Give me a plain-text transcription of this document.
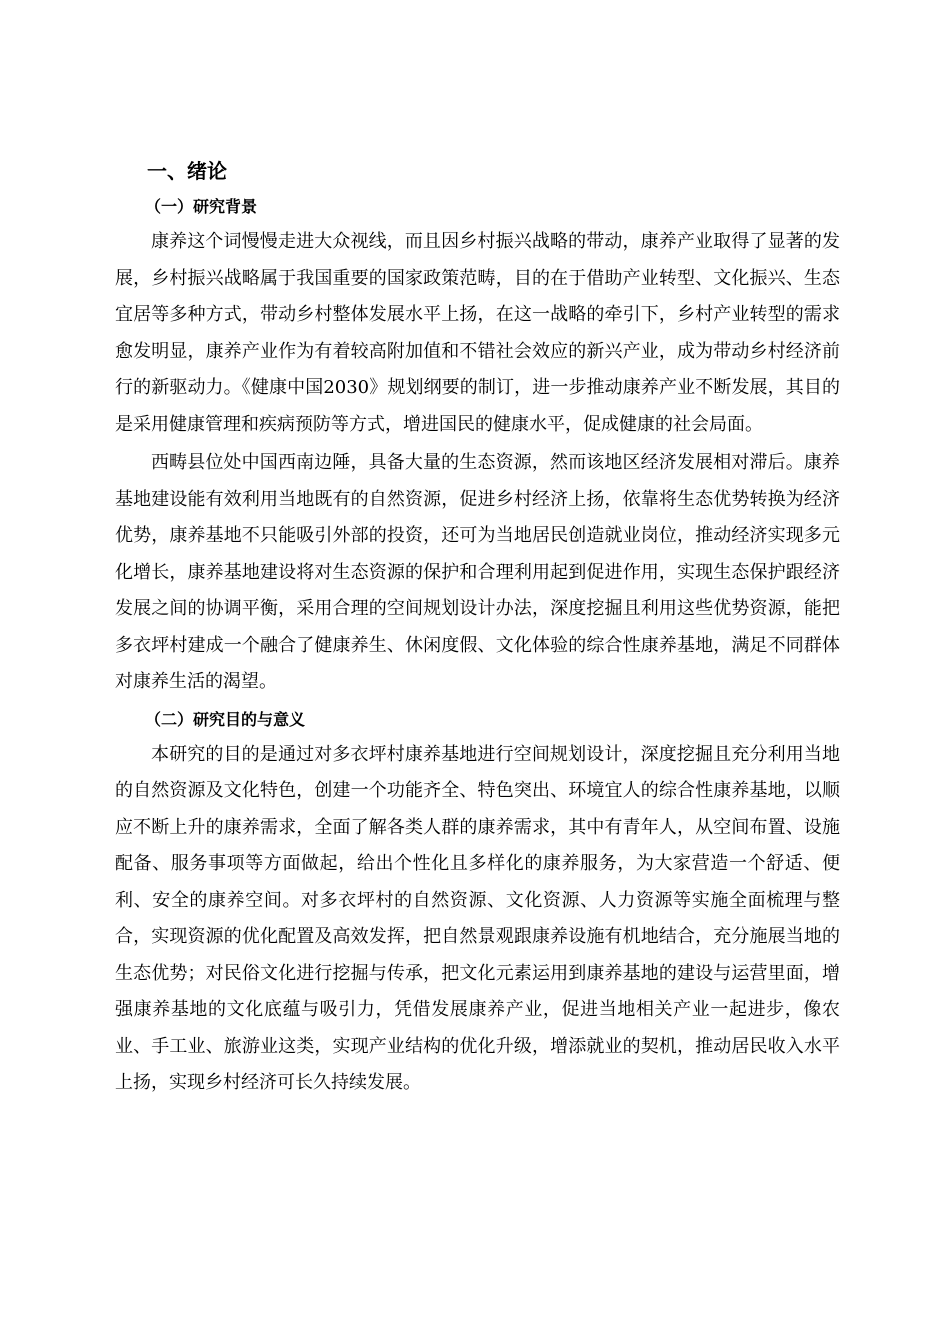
一、绪论
（一）研究背景

康养这个词慢慢走进大众视线，而且因乡村振兴战略的带动，康养产业取得了显著的发展，乡村振兴战略属于我国重要的国家政策范畴，目的在于借助产业转型、文化振兴、生态宜居等多种方式，带动乡村整体发展水平上扬，在这一战略的牵引下，乡村产业转型的需求愈发明显，康养产业作为有着较高附加值和不错社会效应的新兴产业，成为带动乡村经济前行的新驱动力。《健康中国2030》规划纲要的制订，进一步推动康养产业不断发展，其目的是采用健康管理和疾病预防等方式，增进国民的健康水平，促成健康的社会局面。

西畴县位处中国西南边陲，具备大量的生态资源，然而该地区经济发展相对滞后。康养基地建设能有效利用当地既有的自然资源，促进乡村经济上扬，依靠将生态优势转换为经济优势，康养基地不只能吸引外部的投资，还可为当地居民创造就业岗位，推动经济实现多元化增长，康养基地建设将对生态资源的保护和合理利用起到促进作用，实现生态保护跟经济发展之间的协调平衡，采用合理的空间规划设计办法，深度挖掘且利用这些优势资源，能把多衣坪村建成一个融合了健康养生、休闲度假、文化体验的综合性康养基地，满足不同群体对康养生活的渴望。

（二）研究目的与意义

本研究的目的是通过对多衣坪村康养基地进行空间规划设计，深度挖掘且充分利用当地的自然资源及文化特色，创建一个功能齐全、特色突出、环境宜人的综合性康养基地，以顺应不断上升的康养需求，全面了解各类人群的康养需求，其中有青年人，从空间布置、设施配备、服务事项等方面做起，给出个性化且多样化的康养服务，为大家营造一个舒适、便利、安全的康养空间。对多衣坪村的自然资源、文化资源、人力资源等实施全面梳理与整合，实现资源的优化配置及高效发挥，把自然景观跟康养设施有机地结合，充分施展当地的生态优势；对民俗文化进行挖掘与传承，把文化元素运用到康养基地的建设与运营里面，增强康养基地的文化底蕴与吸引力，凭借发展康养产业，促进当地相关产业一起进步，像农业、手工业、旅游业这类，实现产业结构的优化升级，增添就业的契机，推动居民收入水平上扬，实现乡村经济可长久持续发展。
